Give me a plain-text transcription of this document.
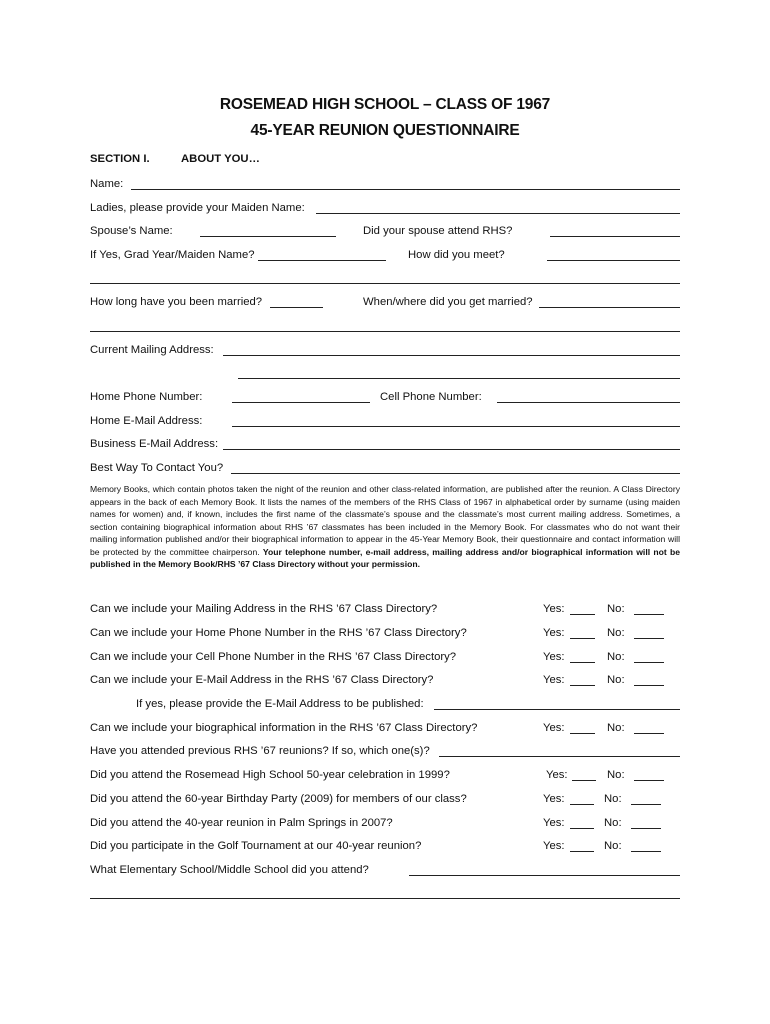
ROSEMEAD HIGH SCHOOL – CLASS OF 1967
45-YEAR REUNION QUESTIONNAIRE
SECTION I.	ABOUT YOU…
Name:
Ladies, please provide your Maiden Name:
Spouse’s Name:	Did your spouse attend RHS?
If Yes, Grad Year/Maiden Name?	How did you meet?
How long have you been married?	When/where did you get married?
Current Mailing Address:
Home Phone Number:	Cell Phone Number:
Home E-Mail Address:
Business E-Mail Address:
Best Way To Contact You?
Memory Books, which contain photos taken the night of the reunion and other class-related information, are published after the reunion. A Class Directory appears in the back of each Memory Book. It lists the names of the members of the RHS Class of 1967 in alphabetical order by surname (using maiden names for women) and, if known, includes the first name of the classmate’s spouse and the classmate’s most current mailing address. Sometimes, a section containing biographical information about RHS ’67 classmates has been included in the Memory Book. For classmates who do not want their mailing information published and/or their biographical information to appear in the 45-Year Memory Book, their questionnaire and contact information will be protected by the committee chairperson. Your telephone number, e-mail address, mailing address and/or biographical information will not be published in the Memory Book/RHS ’67 Class Directory without your permission.
Can we include your Mailing Address in the RHS ’67 Class Directory?	Yes:	No:
Can we include your Home Phone Number in the RHS ’67 Class Directory?	Yes:	No:
Can we include your Cell Phone Number in the RHS ’67 Class Directory?	Yes:	No:
Can we include your E-Mail Address in the RHS ’67 Class Directory?	Yes:	No:
If yes, please provide the E-Mail Address to be published:
Can we include your biographical information in the RHS ’67 Class Directory?	Yes:	No:
Have you attended previous RHS ’67 reunions? If so, which one(s)?
Did you attend the Rosemead High School 50-year celebration in 1999?	Yes:	No:
Did you attend the 60-year Birthday Party (2009) for members of our class?	Yes:	No:
Did you attend the 40-year reunion in Palm Springs in 2007?	Yes:	No:
Did you participate in the Golf Tournament at our 40-year reunion?	Yes:	No:
What Elementary School/Middle School did you attend?
